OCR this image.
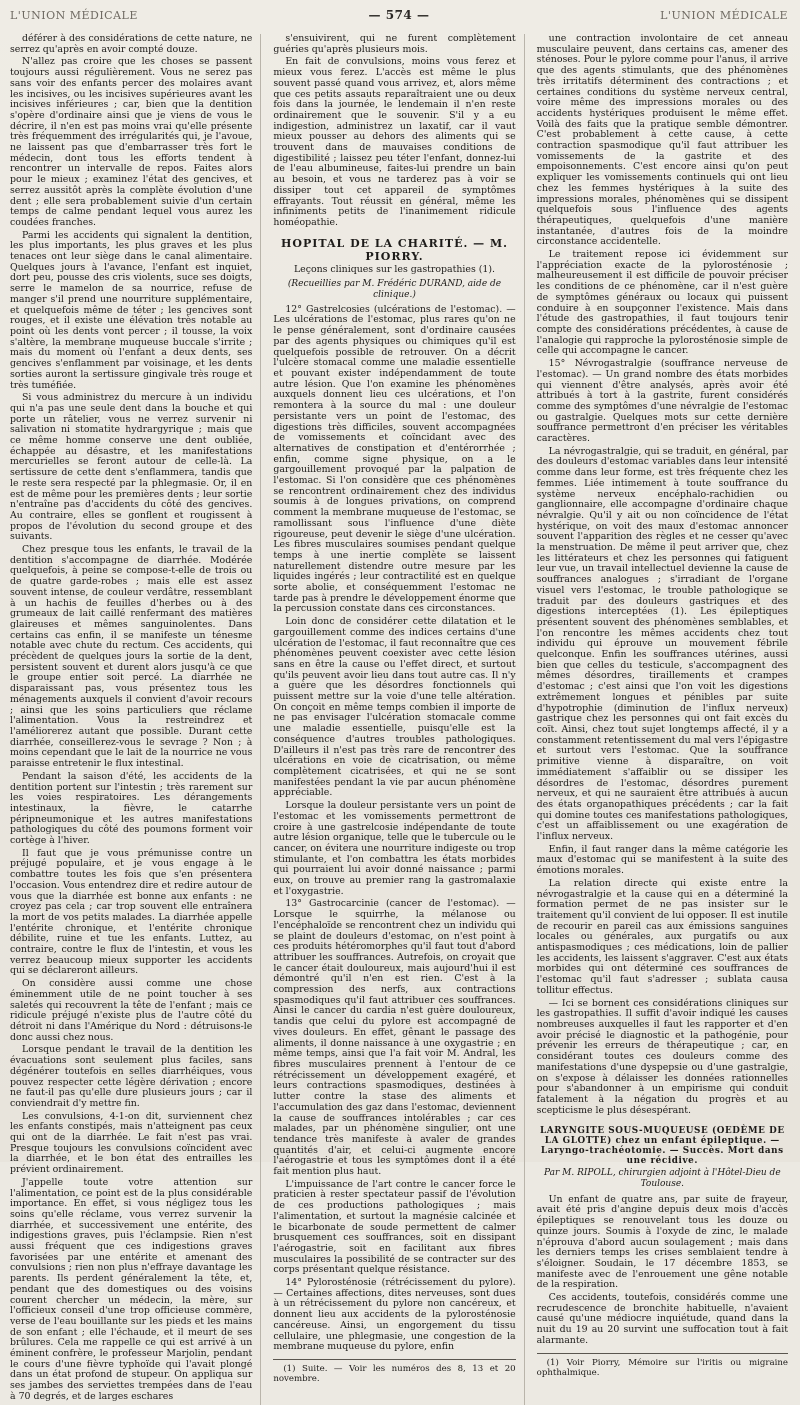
L'UNION MÉDICALE	— 574 —	L'UNION MÉDICALE

déférer à des considérations de cette nature, ne serrez qu'après en avoir compté douze.

N'allez pas croire que les choses se passent toujours aussi régulièrement. Vous ne serez pas sans voir des enfants percer des molaires avant les incisives, ou les incisives supérieures avant les incisives inférieures ; car, bien que la dentition s'opère d'ordinaire ainsi que je viens de vous le décrire, il n'en est pas moins vrai qu'elle présente très fréquemment des irrégularités qui, je l'avoue, ne laissent pas que d'embarrasser très fort le médecin, dont tous les efforts tendent à rencontrer un intervalle de repos. Faites alors pour le mieux ; examinez l'état des gencives, et serrez aussitôt après la complète évolution d'une dent ; elle sera probablement suivie d'un certain temps de calme pendant lequel vous aurez les coudées franches.

Parmi les accidents qui signalent la dentition, les plus importants, les plus graves et les plus tenaces ont leur siège dans le canal alimentaire. Quelques jours à l'avance, l'enfant est inquiet, dort peu, pousse des cris violents, suce ses doigts, serre le mamelon de sa nourrice, refuse de manger s'il prend une nourriture supplémentaire, et quelquefois même de téter ; les gencives sont rouges, et il existe une élévation très notable au point où les dents vont percer ; il tousse, la voix s'altère, la membrane muqueuse buccale s'irrite ; mais du moment où l'enfant a deux dents, ses gencives s'enflamment par voisinage, et les dents sorties auront la sertissure gingivale très rouge et très tuméfiée.

Si vous administrez du mercure à un individu qui n'a pas une seule dent dans la bouche et qui porte un râtelier, vous ne verrez survenir ni salivation ni stomatite hydrargyrique ; mais que ce même homme conserve une dent oubliée, échappée au désastre, et les manifestations mercurielles se feront autour de celle-là. La sertissure de cette dent s'enflammera, tandis que le reste sera respecté par la phlegmasie. Or, il en est de même pour les premières dents ; leur sortie n'entraîne pas d'accidents du côté des gencives. Au contraire, elles se gonflent et rougissent à propos de l'évolution du second groupe et des suivants.

Chez presque tous les enfants, le travail de la dentition s'accompagne de diarrhée. Modérée quelquefois, à peine se compose-t-elle de trois ou de quatre garde-robes ; mais elle est assez souvent intense, de couleur verdâtre, ressemblant à un hachis de feuilles d'herbes ou à des grumeaux de lait caillé renfermant des matières glaireuses et mêmes sanguinolentes. Dans certains cas enfin, il se manifeste un ténesme notable avec chute du rectum. Ces accidents, qui précèdent de quelques jours la sortie de la dent, persistent souvent et durent alors jusqu'à ce que le groupe entier soit percé. La diarrhée ne disparaissant pas, vous présentez tous les ménagements auxquels il convient d'avoir recours ; ainsi que les soins particuliers que réclame l'alimentation. Vous la restreindrez et l'améliorerez autant que possible. Durant cette diarrhée, conseillerez-vous le sevrage ? Non ; à moins cependant que le lait de la nourrice ne vous paraisse entretenir le flux intestinal.

Pendant la saison d'été, les accidents de la dentition portent sur l'intestin ; très rarement sur les voies respiratoires. Les dérangements intestinaux, la fièvre, le catarrhe péripneumonique et les autres manifestations pathologiques du côté des poumons forment voir cortège à l'hiver.

Il faut que je vous prémunisse contre un préjugé populaire, et je vous engage à le combattre toutes les fois que s'en présentera l'occasion. Vous entendrez dire et redire autour de vous que la diarrhée est bonne aux enfants : ne croyez pas cela ; car trop souvent elle entraînera la mort de vos petits malades. La diarrhée appelle l'entérite chronique, et l'entérite chronique débilite, ruine et tue les enfants. Luttez, au contraire, contre le flux de l'intestin, et vous les verrez beaucoup mieux supporter les accidents qui se déclareront ailleurs.

On considère aussi comme une chose éminemment utile de ne point toucher à ses saletés qui recouvrent la tête de l'enfant ; mais ce ridicule préjugé n'existe plus de l'autre côté du détroit ni dans l'Amérique du Nord : détruisons-le donc aussi chez nous.

Lorsque pendant le travail de la dentition les évacuations sont seulement plus faciles, sans dégénérer toutefois en selles diarrhéiques, vous pouvez respecter cette légère dérivation ; encore ne faut-il pas qu'elle dure plusieurs jours ; car il conviendrait d'y mettre fin.

Les convulsions, 4-1-on dit, surviennent chez les enfants constipés, mais n'atteignent pas ceux qui ont de la diarrhée. Le fait n'est pas vrai. Presque toujours les convulsions coïncident avec la diarrhée, et le bon état des entrailles les prévient ordinairement.

J'appelle toute votre attention sur l'alimentation, ce point est de la plus considérable importance. En effet, si vous négligez tous les soins qu'elle réclame, vous verrez survenir la diarrhée, et successivement une entérite, des indigestions graves, puis l'éclampsie. Rien n'est aussi fréquent que ces indigestions graves favorisées par une entérite et amenant des convulsions ; rien non plus n'effraye davantage les parents. Ils perdent généralement la tête, et, pendant que des domestiques ou des voisins courent chercher un médecin, la mère, sur l'officieux conseil d'une trop officieuse commère, verse de l'eau bouillante sur les pieds et les mains de son enfant ; elle l'échaude, et il meurt de ses brûlures. Cela me rappelle ce qui est arrivé à un éminent confrère, le professeur Marjolin, pendant le cours d'une fièvre typhoïde qui l'avait plongé dans un état profond de stupeur. On appliqua sur ses jambes des serviettes trempées dans de l'eau à 70 degrés, et de larges eschares

s'ensuivirent, qui ne furent complètement guéries qu'après plusieurs mois.

En fait de convulsions, moins vous ferez et mieux vous ferez. L'accès est même le plus souvent passé quand vous arrivez, et, alors même que ces petits assauts reparaîtraient une ou deux fois dans la journée, le lendemain il n'en reste ordinairement que le souvenir. S'il y a eu indigestion, administrez un laxatif, car il vaut mieux pousser au dehors des aliments qui se trouvent dans de mauvaises conditions de digestibilité ; laissez peu téter l'enfant, donnez-lui de l'eau albumineuse, faites-lui prendre un bain au besoin, et vous ne tarderez pas à voir se dissiper tout cet appareil de symptômes effrayants. Tout réussit en général, même les infiniments petits de l'inanimement ridicule homéopathie.

HOPITAL DE LA CHARITÉ. — M. PIORRY.
Leçons cliniques sur les gastropathies (1).
(Recueillies par M. Frédéric DURAND, aide de clinique.)

12° Gastrelcosies (ulcérations de l'estomac). — Les ulcérations de l'estomac, plus rares qu'on ne le pense généralement, sont d'ordinaire causées par des agents physiques ou chimiques qu'il est quelquefois possible de retrouver. On a décrit l'ulcère stomacal comme une maladie essentielle et pouvant exister indépendamment de toute autre lésion. Que l'on examine les phénomènes auxquels donnent lieu ces ulcérations, et l'on remontera à la source du mal : une douleur persistante vers un point de l'estomac, des digestions très difficiles, souvent accompagnées de vomissements et coïncidant avec des alternatives de constipation et d'entérorrhée ; enfin, comme signe physique, on a le gargouillement provoqué par la palpation de l'estomac. Si l'on considère que ces phénomènes se rencontrent ordinairement chez des individus soumis à de longues privations, on comprend comment la membrane muqueuse de l'estomac, se ramollissant sous l'influence d'une diète rigoureuse, peut devenir le siège d'une ulcération. Les fibres musculaires soumises pendant quelque temps à une inertie complète se laissent naturellement distendre outre mesure par les liquides ingérés ; leur contractilité est en quelque sorte abolie, et conséquemment l'estomac ne tarde pas à prendre le développement énorme que la percussion constate dans ces circonstances.

Loin donc de considérer cette dilatation et le gargouillement comme des indices certains d'une ulcération de l'estomac, il faut reconnaître que ces phénomènes peuvent coexister avec cette lésion sans en être la cause ou l'effet direct, et surtout qu'ils peuvent avoir lieu dans tout autre cas. Il n'y a guère que les désordres fonctionnels qui puissent mettre sur la voie d'une telle altération. On conçoit en même temps combien il importe de ne pas envisager l'ulcération stomacale comme une maladie essentielle, puisqu'elle est la conséquence d'autres troubles pathologiques. D'ailleurs il n'est pas très rare de rencontrer des ulcérations en voie de cicatrisation, ou même complètement cicatrisées, et qui ne se sont manifestées pendant la vie par aucun phénomène appréciable.

Lorsque la douleur persistante vers un point de l'estomac et les vomissements permettront de croire à une gastrelcosie indépendante de toute autre lésion organique, telle que le tubercule ou le cancer, on évitera une nourriture indigeste ou trop stimulante, et l'on combattra les états morbides qui pourraient lui avoir donné naissance ; parmi eux, on trouve au premier rang la gastromalaxie et l'oxygastrie.

13° Gastrocarcinie (cancer de l'estomac). — Lorsque le squirrhe, la mélanose ou l'encéphaloïde se rencontrent chez un individu qui se plaint de douleurs d'estomac, on n'est point à ces produits hétéromorphes qu'il faut tout d'abord attribuer les souffrances. Autrefois, on croyait que le cancer était douloureux, mais aujourd'hui il est démontré qu'il n'en est rien. C'est à la compression des nerfs, aux contractions spasmodiques qu'il faut attribuer ces souffrances. Ainsi le cancer du cardia n'est guère douloureux, tandis que celui du pylore est accompagné de vives douleurs. En effet, gênant le passage des aliments, il donne naissance à une oxygastrie ; en même temps, ainsi que l'a fait voir M. Andral, les fibres musculaires prennent à l'entour de ce rétrécissement un développement exagéré, et leurs contractions spasmodiques, destinées à lutter contre la stase des aliments et l'accumulation des gaz dans l'estomac, deviennent la cause de souffrances intolérables ; car ces malades, par un phénomène singulier, ont une tendance très manifeste à avaler de grandes quantités d'air, et celui-ci augmente encore l'aérogastrie et tous les symptômes dont il a été fait mention plus haut.

L'impuissance de l'art contre le cancer force le praticien à rester spectateur passif de l'évolution de ces productions pathologiques ; mais l'alimentation, et surtout la magnésie calcinée et le bicarbonate de soude permettent de calmer brusquement ces souffrances, soit en dissipant l'aérogastrie, soit en facilitant aux fibres musculaires la possibilité de se contracter sur des corps présentant quelque résistance.

14° Pylorosténosie (rétrécissement du pylore). — Certaines affections, dites nerveuses, sont dues à un rétrécissement du pylore non cancéreux, et donnent lieu aux accidents de la pylorosténosie cancéreuse. Ainsi, un engorgement du tissu cellulaire, une phlegmasie, une congestion de la membrane muqueuse du pylore, enfin

(1) Suite. — Voir les numéros des 8, 13 et 20 novembre.

une contraction involontaire de cet anneau musculaire peuvent, dans certains cas, amener des sténoses. Pour le pylore comme pour l'anus, il arrive que des agents stimulants, que des phénomènes très irritatifs déterminent des contractions ; et certaines conditions du système nerveux central, voire même des impressions morales ou des accidents hystériques produisent le même effet. Voilà des faits que la pratique semble démontrer. C'est probablement à cette cause, à cette contraction spasmodique qu'il faut attribuer les vomissements de la gastrite et des empoisonnements. C'est encore ainsi qu'on peut expliquer les vomissements continuels qui ont lieu chez les femmes hystériques à la suite des impressions morales, phénomènes qui se dissipent quelquefois sous l'influence des agents thérapeutiques, quelquefois d'une manière instantanée, d'autres fois de la moindre circonstance accidentelle.

Le traitement repose ici évidemment sur l'appréciation exacte de la pylorosténosie ; malheureusement il est difficile de pouvoir préciser les conditions de ce phénomène, car il n'est guère de symptômes généraux ou locaux qui puissent conduire à en soupçonner l'existence. Mais dans l'étude des gastropathies, il faut toujours tenir compte des considérations précédentes, à cause de l'analogie qui rapproche la pylorosténosie simple de celle qui accompagne le cancer.

15° Névrogastralgie (souffrance nerveuse de l'estomac). — Un grand nombre des états morbides qui viennent d'être analysés, après avoir été attribués à tort à la gastrite, furent considérés comme des symptômes d'une névralgie de l'estomac ou gastralgie. Quelques mots sur cette dernière souffrance permettront d'en préciser les véritables caractères.

La névrogastralgie, qui se traduit, en général, par des douleurs d'estomac variables dans leur intensité comme dans leur forme, est très fréquente chez les femmes. Liée intimement à toute souffrance du système nerveux encéphalo-rachidien ou ganglionnaire, elle accompagne d'ordinaire chaque névralgie. Qu'il y ait ou non coïncidence de l'état hystérique, on voit des maux d'estomac annoncer souvent l'apparition des règles et ne cesser qu'avec la menstruation. De même il peut arriver que, chez les littérateurs et chez les personnes qui fatiguent leur vue, un travail intellectuel devienne la cause de souffrances analogues ; s'irradiant de l'organe visuel vers l'estomac, le trouble pathologique se traduit par des douleurs gastriques et des digestions interceptées (1). Les épileptiques présentent souvent des phénomènes semblables, et l'on rencontre les mêmes accidents chez tout individu qui éprouve un mouvement fébrile quelconque. Enfin les souffrances utérines, aussi bien que celles du testicule, s'accompagnent des mêmes désordres, tiraillements et crampes d'estomac ; c'est ainsi que l'on voit les digestions extrêmement longues et pénibles par suite d'hypotrophie (diminution de l'influx nerveux) gastrique chez les personnes qui ont fait excès du coït. Ainsi, chez tout sujet longtemps affecté, il y a constamment retentissement du mal vers l'épigastre et surtout vers l'estomac. Que la souffrance primitive vienne à disparaître, on voit immédiatement s'affaiblir ou se dissiper les désordres de l'estomac, désordres purement nerveux, et qui ne sauraient être attribués à aucun des états organopathiques précédents ; car la fait qui domine toutes ces manifestations pathologiques, c'est un affaiblissement ou une exagération de l'influx nerveux.

Enfin, il faut ranger dans la même catégorie les maux d'estomac qui se manifestent à la suite des émotions morales.

La relation directe qui existe entre la névrogastralgie et la cause qui en a déterminé la formation permet de ne pas insister sur le traitement qu'il convient de lui opposer. Il est inutile de recourir en pareil cas aux émissions sanguines locales ou générales, aux purgatifs ou aux antispasmodiques ; ces médications, loin de pallier les accidents, les laissent s'aggraver. C'est aux états morbides qui ont déterminé ces souffrances de l'estomac qu'il faut s'adresser ; sublata causa tollitur effectus.

— Ici se bornent ces considérations cliniques sur les gastropathies. Il suffit d'avoir indiqué les causes nombreuses auxquelles il faut les rapporter et d'en avoir précisé le diagnostic et la pathogénie, pour prévenir les erreurs de thérapeutique ; car, en considérant toutes ces douleurs comme des manifestations d'une dyspepsie ou d'une gastralgie, on s'expose à délaisser les données rationnelles pour s'abandonner à un empirisme qui conduit fatalement à la négation du progrès et au scepticisme le plus désespérant.

LARYNGITE SOUS-MUQUEUSE (OEDÈME DE LA GLOTTE) chez un enfant épileptique. — Laryngo-trachéotomie. — Succès. Mort dans une récidive.
Par M. RIPOLL, chirurgien adjoint à l'Hôtel-Dieu de Toulouse.

Un enfant de quatre ans, par suite de frayeur, avait été pris d'angine depuis deux mois d'accès épileptiques se renouvelant tous les douze ou quinze jours. Soumis à l'oxyde de zinc, le malade n'éprouva d'abord aucun soulagement ; mais dans les derniers temps les crises semblaient tendre à s'éloigner. Soudain, le 17 décembre 1853, se manifeste avec de l'enrouement une gêne notable de la respiration.

Ces accidents, toutefois, considérés comme une recrudescence de bronchite habituelle, n'avaient causé qu'une médiocre inquiétude, quand dans la nuit du 19 au 20 survint une suffocation tout à fait alarmante.

(1) Voir Piorry, Mémoire sur l'iritis ou migraine ophthalmique.
